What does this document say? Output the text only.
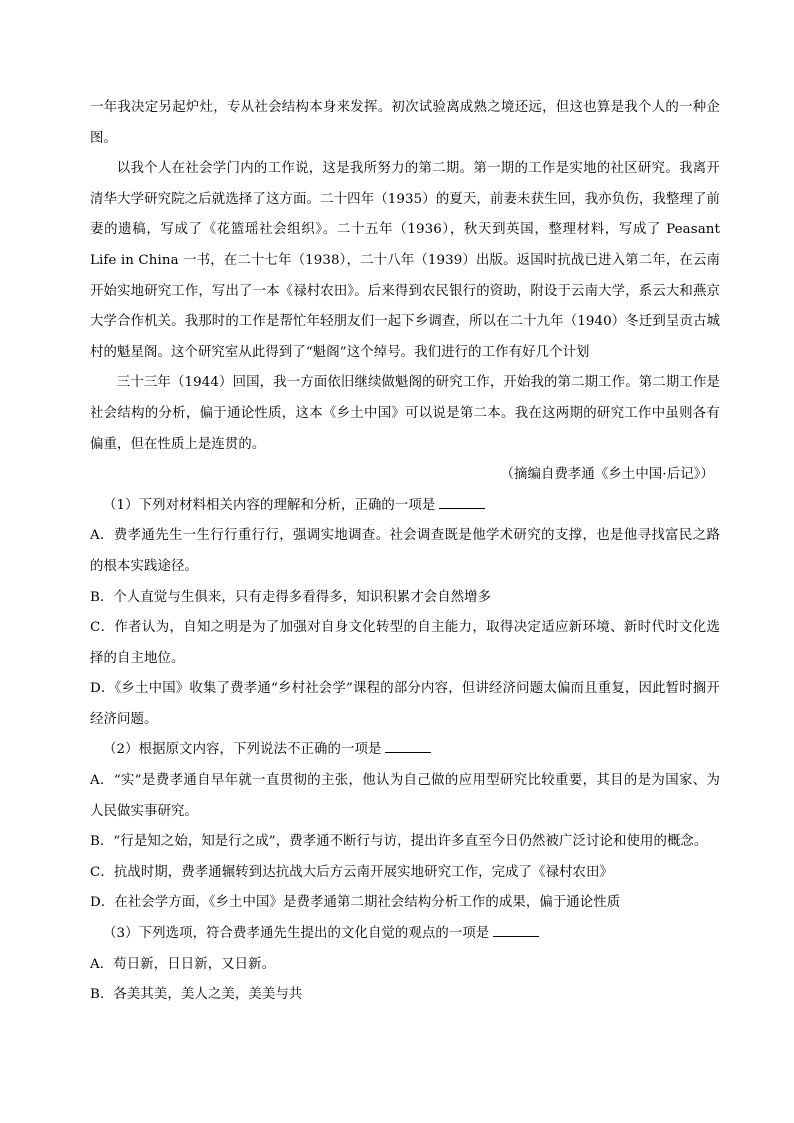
一年我决定另起炉灶，专从社会结构本身来发挥。初次试验离成熟之境还远，但这也算是我个人的一种企图。

以我个人在社会学门内的工作说，这是我所努力的第二期。第一期的工作是实地的社区研究。我离开清华大学研究院之后就选择了这方面。二十四年（1935）的夏天，前妻未获生回，我亦负伤，我整理了前妻的遗稿，写成了《花篮瑶社会组织》。二十五年（1936），秋天到英国，整理材料，写成了 Peasant Life in China 一书，在二十七年（1938），二十八年（1939）出版。返国时抗战已进入第二年，在云南开始实地研究工作，写出了一本《禄村农田》。后来得到农民银行的资助，附设于云南大学，系云大和燕京大学合作机关。我那时的工作是帮忙年轻朋友们一起下乡调查，所以在二十九年（1940）冬迁到呈贡古城村的魁星阁。这个研究室从此得到了“魁阁”这个绰号。我们进行的工作有好几个计划

三十三年（1944）回国，我一方面依旧继续做魁阁的研究工作，开始我的第二期工作。第二期工作是社会结构的分析，偏于通论性质，这本《乡土中国》可以说是第二本。我在这两期的研究工作中虽则各有偏重，但在性质上是连贯的。

（摘编自费孝通《乡土中国·后记》）

（1）下列对材料相关内容的理解和分析，正确的一项是

A．费孝通先生一生行行重行行，强调实地调查。社会调查既是他学术研究的支撑，也是他寻找富民之路的根本实践途径。

B．个人直觉与生俱来，只有走得多看得多，知识积累才会自然增多

C．作者认为，自知之明是为了加强对自身文化转型的自主能力，取得决定适应新环境、新时代时文化选择的自主地位。

D．《乡土中国》收集了费孝通“乡村社会学”课程的部分内容，但讲经济问题太偏而且重复，因此暂时搁开经济问题。

（2）根据原文内容，下列说法不正确的一项是

A．“实”是费孝通自早年就一直贯彻的主张，他认为自己做的应用型研究比较重要，其目的是为国家、为人民做实事研究。

B．“行是知之始，知是行之成”，费孝通不断行与访，提出许多直至今日仍然被广泛讨论和使用的概念。

C．抗战时期，费孝通辗转到达抗战大后方云南开展实地研究工作，完成了《禄村农田》

D．在社会学方面，《乡土中国》是费孝通第二期社会结构分析工作的成果，偏于通论性质

（3）下列选项，符合费孝通先生提出的文化自觉的观点的一项是

A．苟日新，日日新，又日新。

B．各美其美，美人之美，美美与共
